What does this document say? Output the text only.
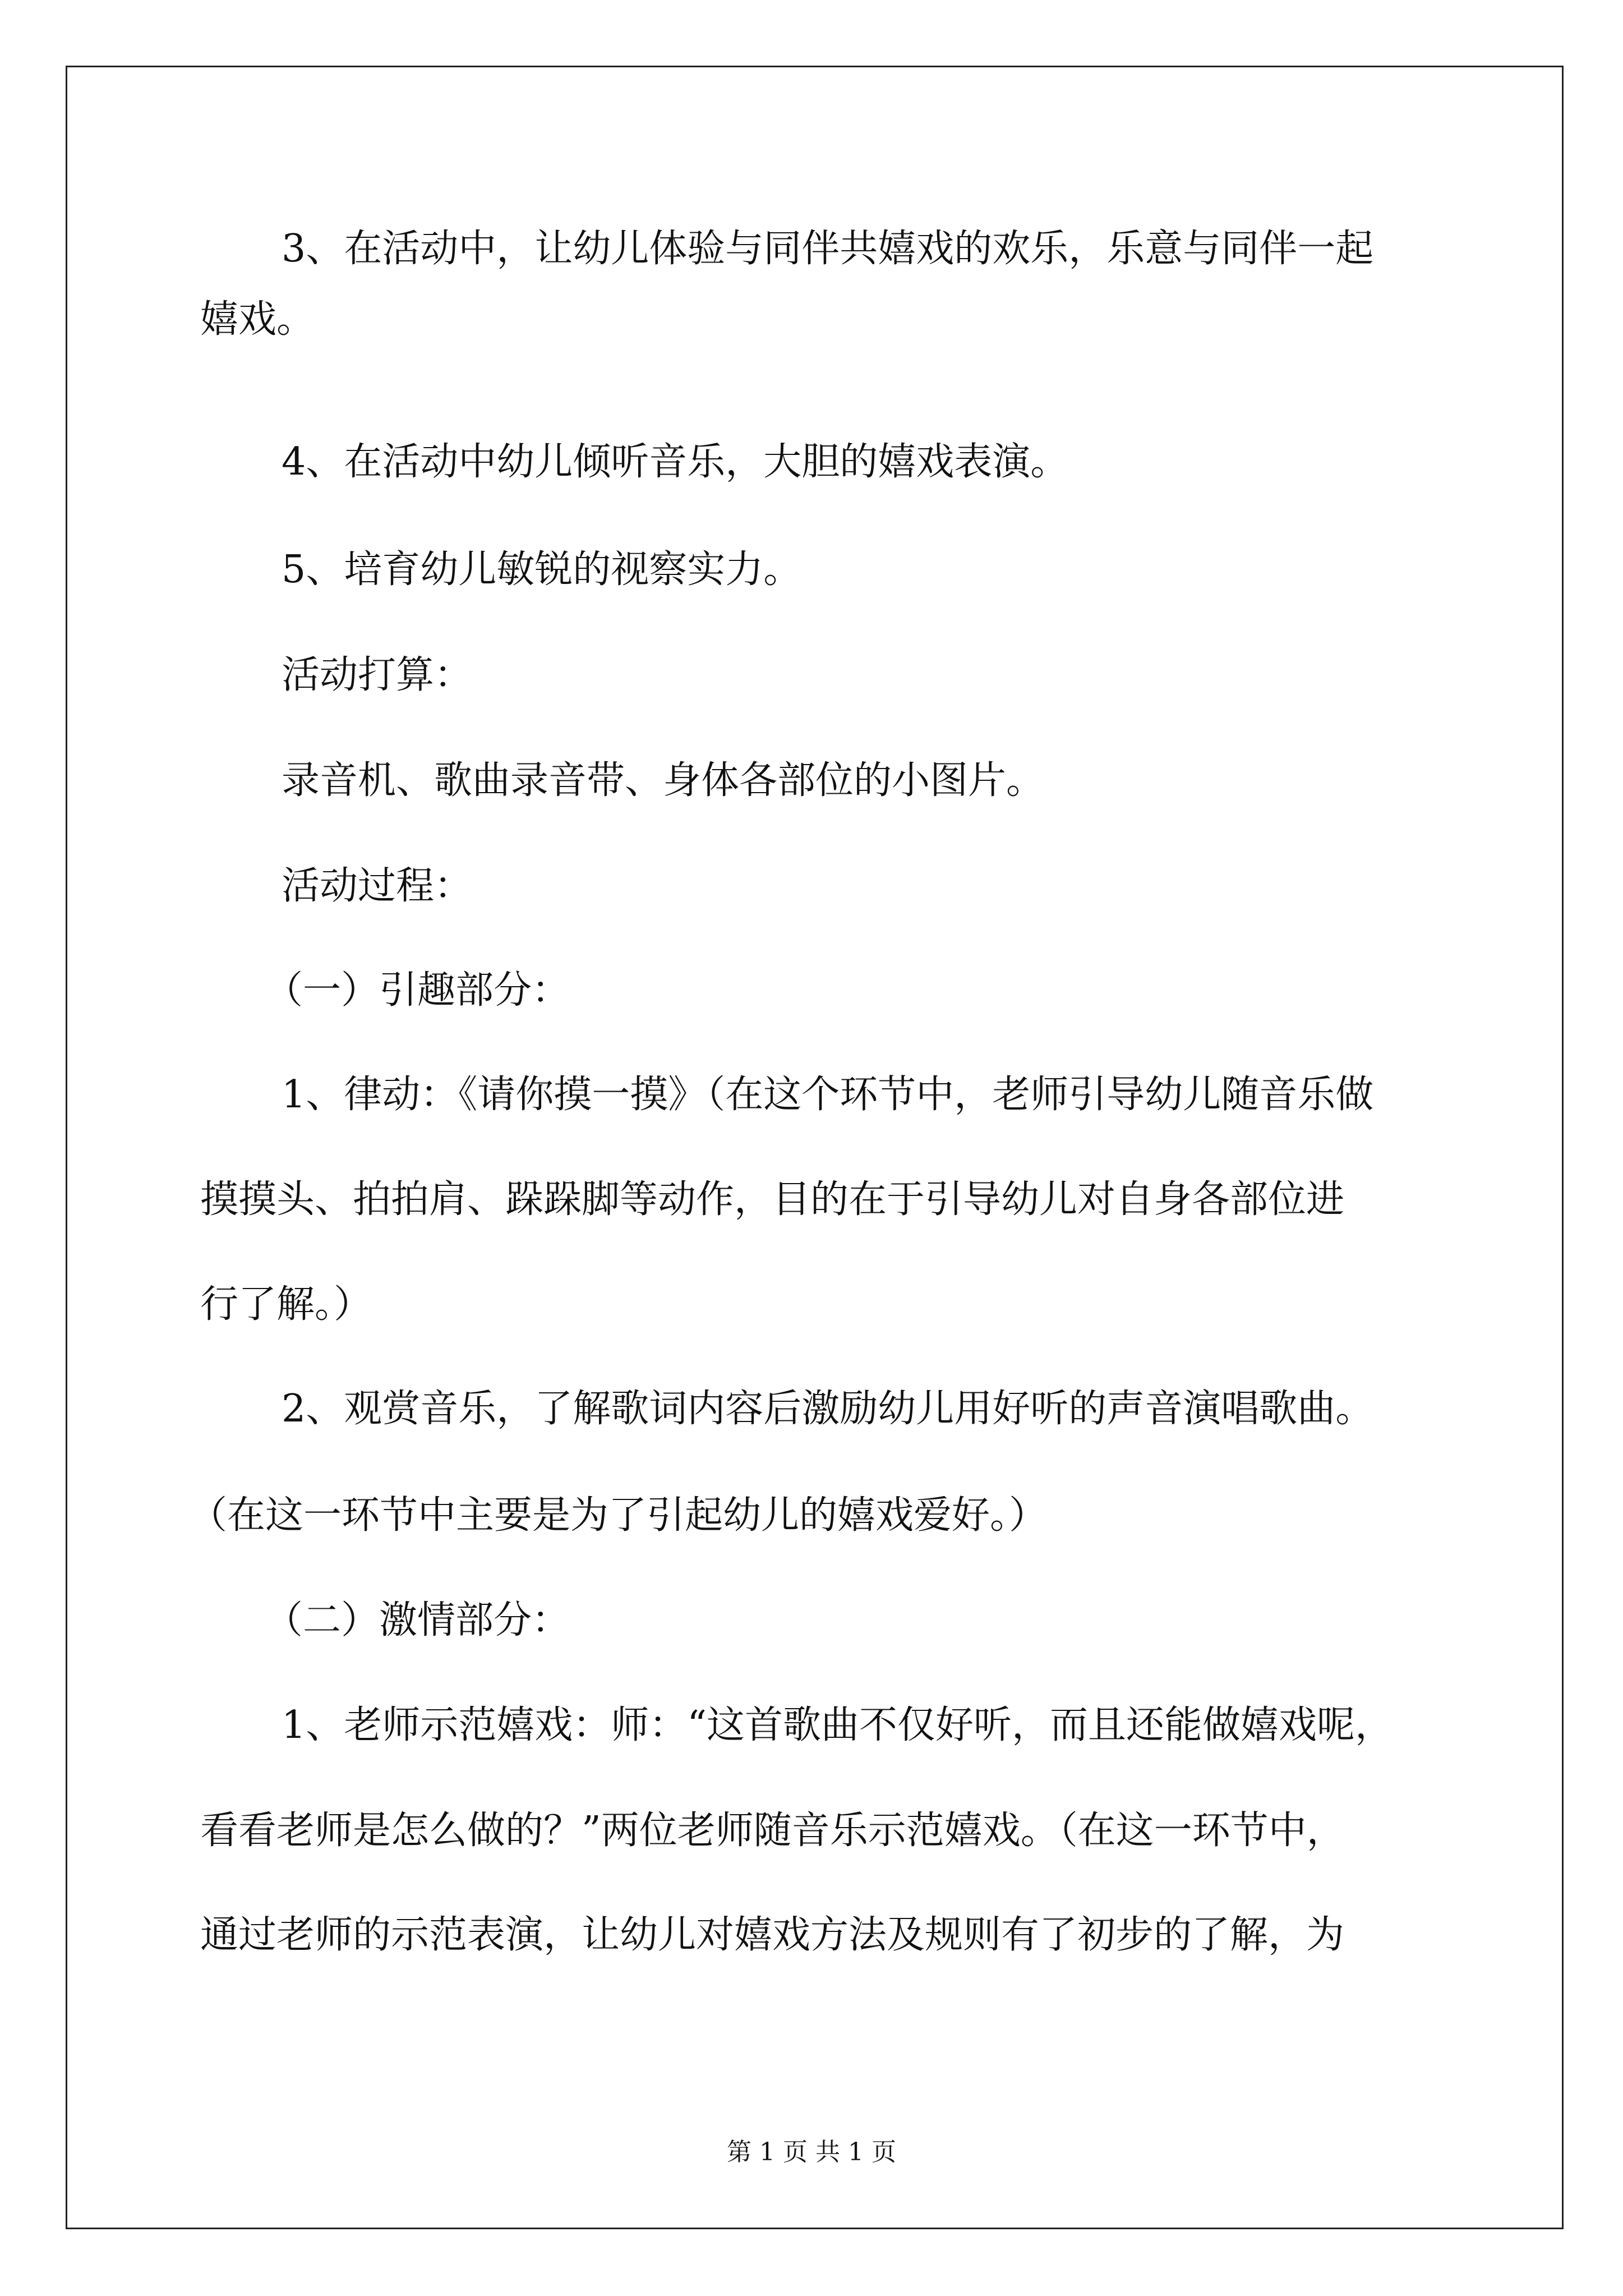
3、在活动中，让幼儿体验与同伴共嬉戏的欢乐，乐意与同伴一起
嬉戏。
4、在活动中幼儿倾听音乐，大胆的嬉戏表演。
5、培育幼儿敏锐的视察实力。
活动打算：
录音机、歌曲录音带、身体各部位的小图片。
活动过程：
（一）引趣部分：
1、律动：《请你摸一摸》（在这个环节中，老师引导幼儿随音乐做
摸摸头、拍拍肩、跺跺脚等动作，目的在于引导幼儿对自身各部位进
行了解。）
2、观赏音乐，了解歌词内容后激励幼儿用好听的声音演唱歌曲。
（在这一环节中主要是为了引起幼儿的嬉戏爱好。）
（二）激情部分：
1、老师示范嬉戏：师：“这首歌曲不仅好听，而且还能做嬉戏呢，
看看老师是怎么做的？”两位老师随音乐示范嬉戏。（在这一环节中，
通过老师的示范表演，让幼儿对嬉戏方法及规则有了初步的了解，为
第 1 页 共 1 页
